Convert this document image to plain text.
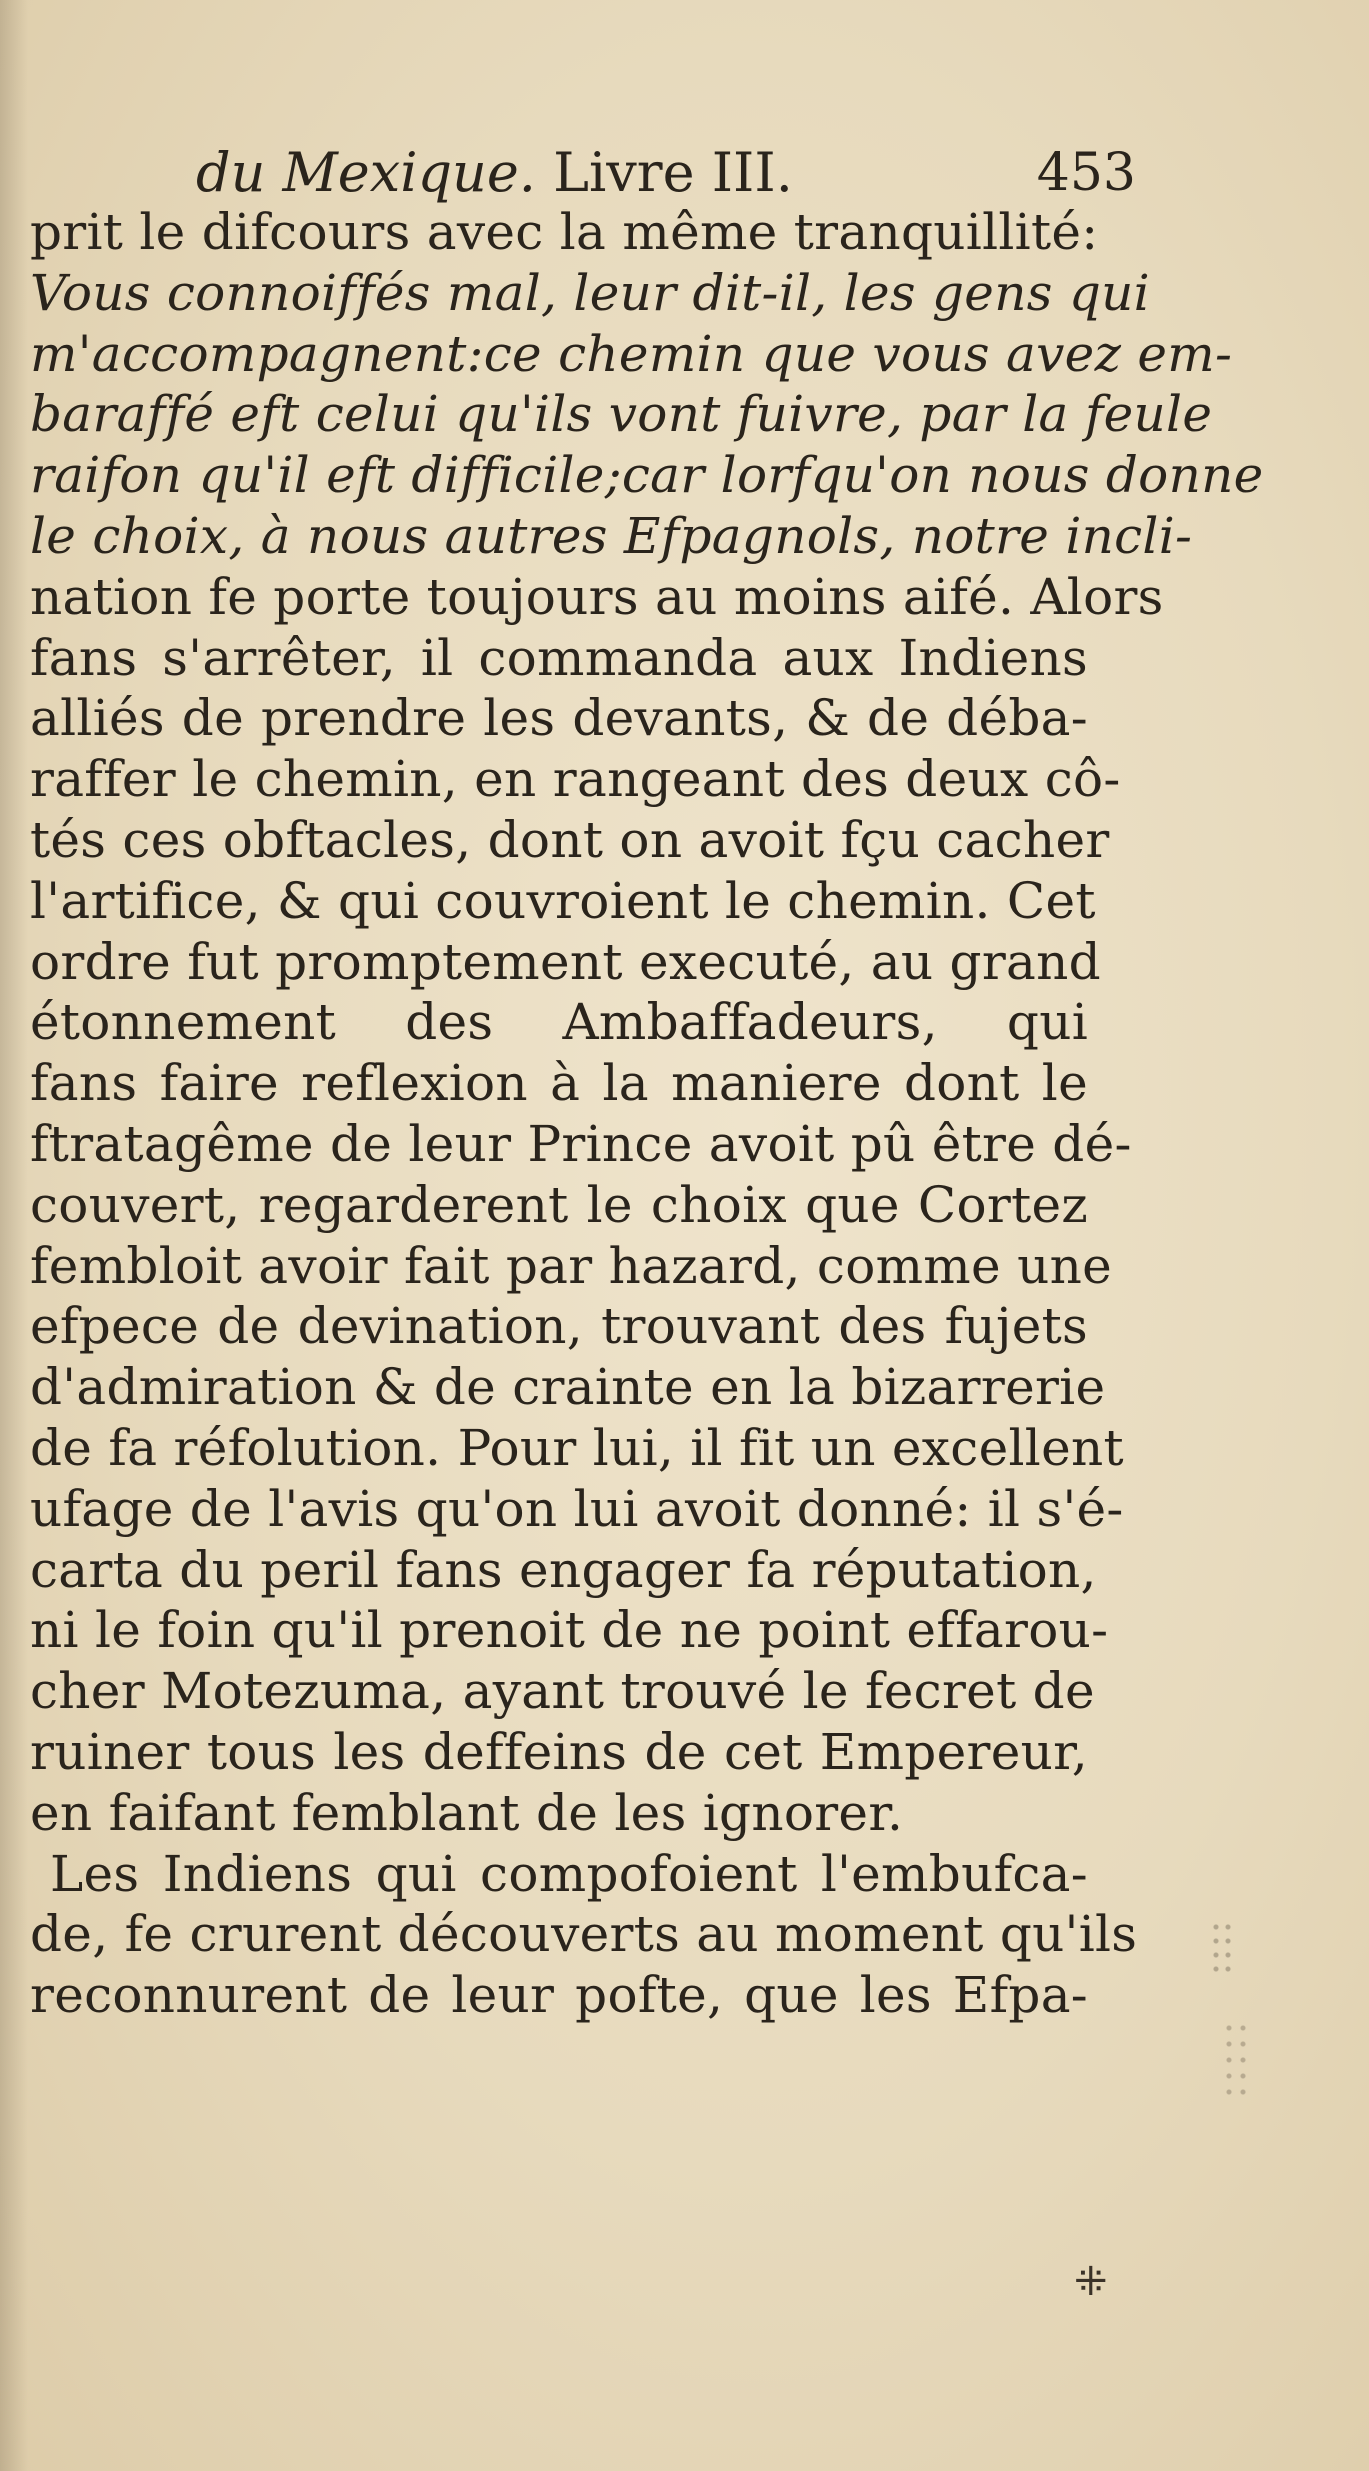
du Mexique. Livre III.	453
prit le difcours avec la même tranquillité:
Vous connoiffés mal, leur dit-il, les gens qui
m'accompagnent:ce chemin que vous avez em-
baraffé eft celui qu'ils vont fuivre, par la feule
raifon qu'il eft difficile;car lorfqu'on nous donne
le choix, à nous autres Efpagnols, notre incli-
nation fe porte toujours au moins aifé. Alors
fans s'arrêter, il commanda aux Indiens
alliés de prendre les devants, & de déba-
raffer le chemin, en rangeant des deux cô-
tés ces obftacles, dont on avoit fçu cacher
l'artifice, & qui couvroient le chemin. Cet
ordre fut promptement executé, au grand
étonnement des Ambaffadeurs, qui
fans faire reflexion à la maniere dont le
ftratagême de leur Prince avoit pû être dé-
couvert, regarderent le choix que Cortez
fembloit avoir fait par hazard, comme une
efpece de devination, trouvant des fujets
d'admiration & de crainte en la bizarrerie
de fa réfolution. Pour lui, il fit un excellent
ufage de l'avis qu'on lui avoit donné: il s'é-
carta du peril fans engager fa réputation,
ni le foin qu'il prenoit de ne point effarou-
cher Motezuma, ayant trouvé le fecret de
ruiner tous les deffeins de cet Empereur,
en faifant femblant de les ignorer.
Les Indiens qui compofoient l'embufca-
de, fe crurent découverts au moment qu'ils
reconnurent de leur pofte, que les Efpa-
⁜
